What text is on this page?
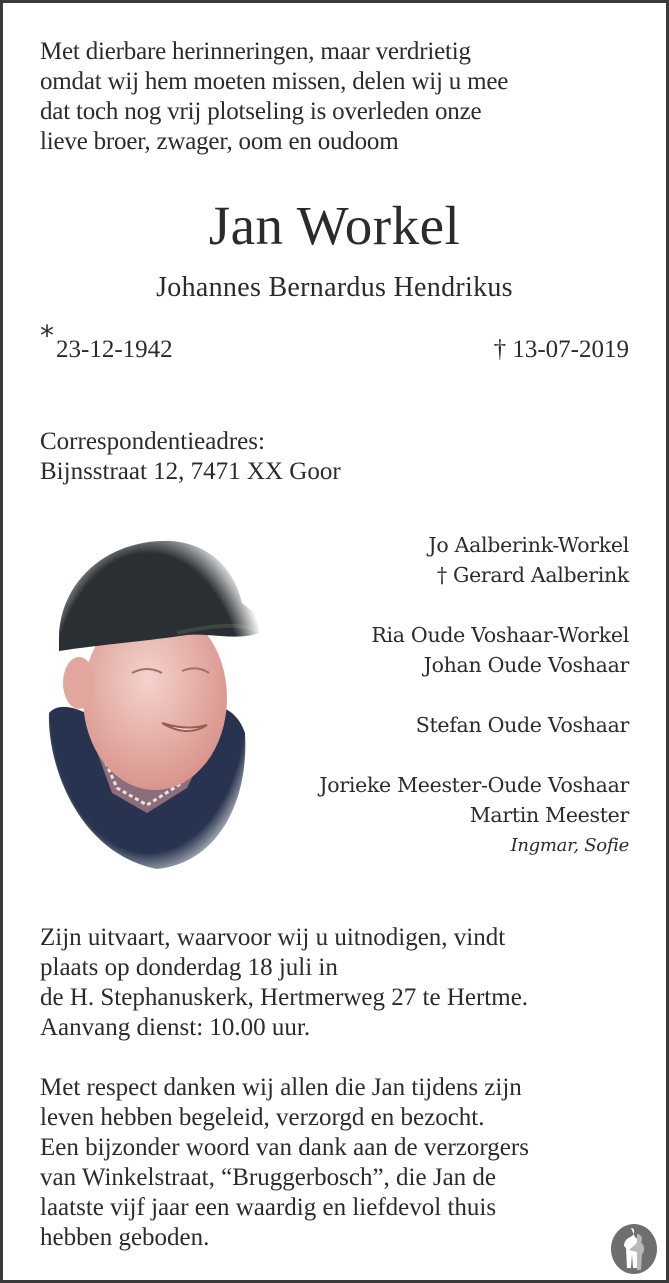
Met dierbare herinneringen, maar verdrietig
omdat wij hem moeten missen, delen wij u mee
dat toch nog vrij plotseling is overleden onze
lieve broer, zwager, oom en oudoom
Jan Workel
Johannes Bernardus Hendrikus
*23-12-1942	† 13-07-2019
Correspondentieadres:
Bijnsstraat 12, 7471 XX Goor
Jo Aalberink-Workel
† Gerard Aalberink
Ria Oude Voshaar-Workel
Johan Oude Voshaar
Stefan Oude Voshaar
Jorieke Meester-Oude Voshaar
Martin Meester
Ingmar, Sofie
Zijn uitvaart, waarvoor wij u uitnodigen, vindt
plaats op donderdag 18 juli in
de H. Stephanuskerk, Hertmerweg 27 te Hertme.
Aanvang dienst: 10.00 uur.
Met respect danken wij allen die Jan tijdens zijn
leven hebben begeleid, verzorgd en bezocht.
Een bijzonder woord van dank aan de verzorgers
van Winkelstraat, “Bruggerbosch”, die Jan de
laatste vijf jaar een waardig en liefdevol thuis
hebben geboden.
